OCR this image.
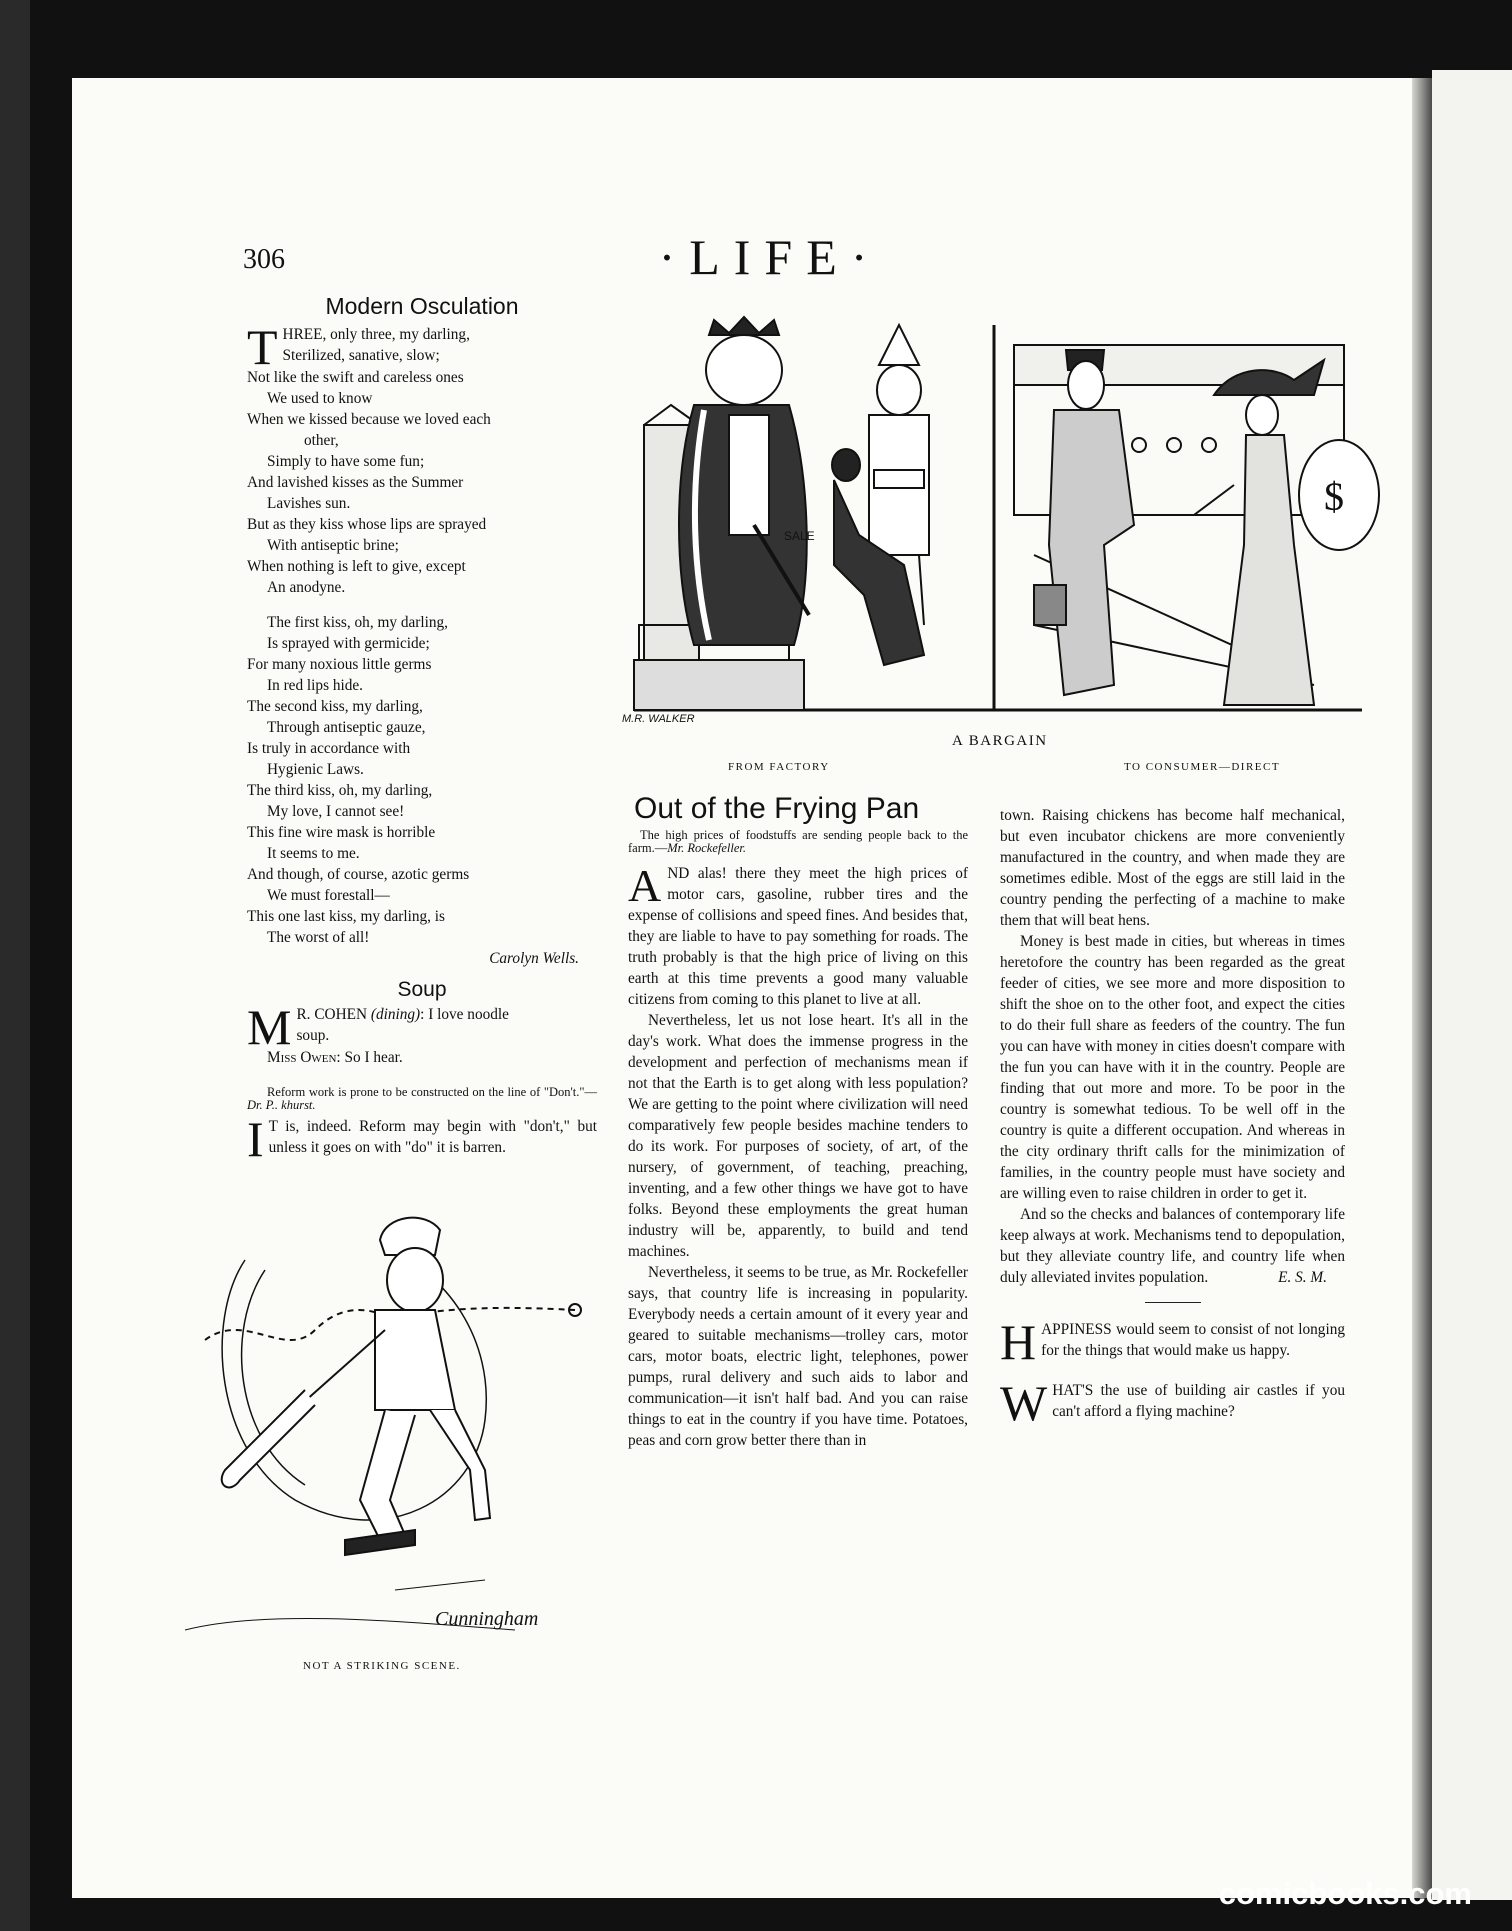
306	·LIFE·
Modern Osculation
T HREE, only three, my darling,
Sterilized, sanative, slow;
Not like the swift and careless ones
We used to know
When we kissed because we loved each
other,
Simply to have some fun;
And lavished kisses as the Summer
Lavishes sun.
But as they kiss whose lips are sprayed
With antiseptic brine;
When nothing is left to give, except
An anodyne.
The first kiss, oh, my darling,
Is sprayed with germicide;
For many noxious little germs
In red lips hide.
The second kiss, my darling,
Through antiseptic gauze,
Is truly in accordance with
Hygienic Laws.
The third kiss, oh, my darling,
My love, I cannot see!
This fine wire mask is horrible
It seems to me.
And though, of course, azotic germs
We must forestall—
This one last kiss, my darling, is
The worst of all!
Carolyn Wells.
Soup
M R. COHEN (dining): I love noodle
soup.
Miss Owen: So I hear.
Reform work is prone to be constructed on the line of "Don't."—Dr. P.. khurst.
I T is, indeed. Reform may begin with "don't," but unless it goes on with "do" it is barren.
$
SALE
M.R. WALKER
A BARGAIN
FROM FACTORY	TO CONSUMER—DIRECT
Cunningham
NOT A STRIKING SCENE.
Out of the Frying Pan
The high prices of foodstuffs are sending people back to the farm.—Mr. Rockefeller.

A ND alas! there they meet the high prices of motor cars, gasoline, rubber tires and the expense of collisions and speed fines. And besides that, they are liable to have to pay something for roads. The truth probably is that the high price of living on this earth at this time prevents a good many valuable citizens from coming to this planet to live at all.

Nevertheless, let us not lose heart. It's all in the day's work. What does the immense progress in the development and perfection of mechanisms mean if not that the Earth is to get along with less population? We are getting to the point where civilization will need comparatively few people besides machine tenders to do its work. For purposes of society, of art, of the nursery, of government, of teaching, preaching, inventing, and a few other things we have got to have folks. Beyond these employments the great human industry will be, apparently, to build and tend machines.

Nevertheless, it seems to be true, as Mr. Rockefeller says, that country life is increasing in popularity. Everybody needs a certain amount of it every year and geared to suitable mechanisms—trolley cars, motor cars, motor boats, electric light, telephones, power pumps, rural delivery and such aids to labor and communication—it isn't half bad. And you can raise things to eat in the country if you have time. Potatoes, peas and corn grow better there than in

town. Raising chickens has become half mechanical, but even incubator chickens are more conveniently manufactured in the country, and when made they are sometimes edible. Most of the eggs are still laid in the country pending the perfecting of a machine to make them that will beat hens.

Money is best made in cities, but whereas in times heretofore the country has been regarded as the great feeder of cities, we see more and more disposition to shift the shoe on to the other foot, and expect the cities to do their full share as feeders of the country. The fun you can have with money in cities doesn't compare with the fun you can have with it in the country. People are finding that out more and more. To be poor in the country is somewhat tedious. To be well off in the country is quite a different occupation. And whereas in the city ordinary thrift calls for the minimization of families, in the country people must have society and are willing even to raise children in order to get it.

And so the checks and balances of contemporary life keep always at work. Mechanisms tend to depopulation, but they alleviate country life, and country life when duly alleviated invites population.	E. S. M.

H APPINESS would seem to consist of not longing for the things that would make us happy.

W HAT'S the use of building air castles if you can't afford a flying machine?

comicbooks.com
